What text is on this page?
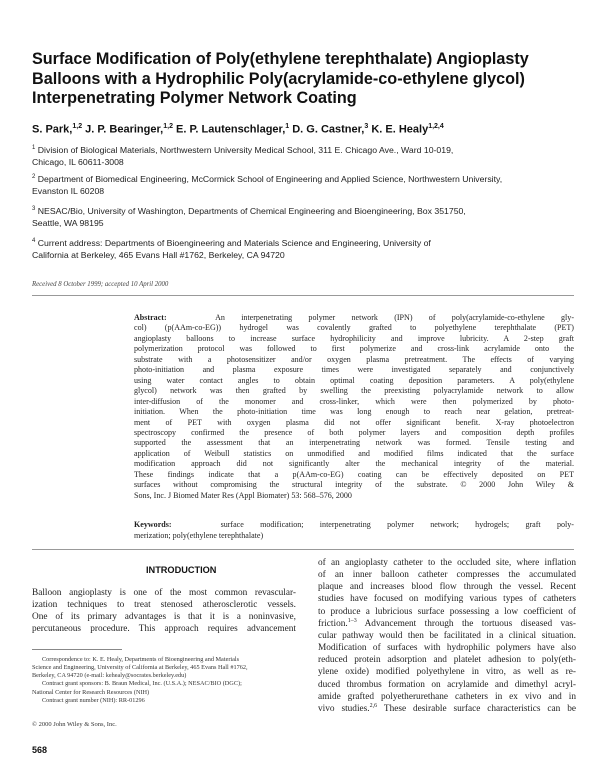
Surface Modification of Poly(ethylene terephthalate) Angioplasty
Balloons with a Hydrophilic Poly(acrylamide-co-ethylene glycol)
Interpenetrating Polymer Network Coating
S. Park,$^{1,2}$ J. P. Bearinger,$^{1,2}$ E. P. Lautenschlager,$^1$ D. G. Castner,$^3$ K. E. Healy$^{1,2,4}$
$^1$ Division of Biological Materials, Northwestern University Medical School, 311 E. Chicago Ave., Ward 10-019,
Chicago, IL 60611-3008
$^2$ Department of Biomedical Engineering, McCormick School of Engineering and Applied Science, Northwestern University,
Evanston IL 60208
$^3$ NESAC/Bio, University of Washington, Departments of Chemical Engineering and Bioengineering, Box 351750,
Seattle, WA 98195
$^4$ Current address: Departments of Bioengineering and Materials Science and Engineering, University of
California at Berkeley, 465 Evans Hall #1762, Berkeley, CA 94720
Received 8 October 1999; accepted 10 April 2000
Abstract:	An interpenetrating polymer network (IPN) of poly(acrylamide-co-ethylene gly-
col) (p(AAm-co-EG)) hydrogel was covalently grafted to polyethylene terephthalate (PET)
angioplasty balloons to increase surface hydrophilicity and improve lubricity. A 2-step graft
polymerization protocol was followed to first polymerize and cross-link acrylamide onto the
substrate with a photosensitizer and/or oxygen plasma pretreatment. The effects of varying
photo-initiation and plasma exposure times were investigated separately and conjunctively
using water contact angles to obtain optimal coating deposition parameters. A poly(ethylene
glycol) network was then grafted by swelling the preexisting polyacrylamide network to allow
inter-diffusion of the monomer and cross-linker, which were then polymerized by photo-
initiation. When the photo-initiation time was long enough to reach near gelation, pretreat-
ment of PET with oxygen plasma did not offer significant benefit. X-ray photoelectron
spectroscopy confirmed the presence of both polymer layers and composition depth profiles
supported the assessment that an interpenetrating network was formed. Tensile testing and
application of Weibull statistics on unmodified and modified films indicated that the surface
modification approach did not significantly alter the mechanical integrity of the material.
These findings indicate that a p(AAm-co-EG) coating can be effectively deposited on PET
surfaces without compromising the structural integrity of the substrate. © 2000 John Wiley &
Sons, Inc. J Biomed Mater Res (Appl Biomater) 53: 568–576, 2000
Keywords:	surface modification; interpenetrating polymer network; hydrogels; graft poly-
merization; poly(ethylene terephthalate)
INTRODUCTION
Balloon angioplasty is one of the most common revascular-
ization techniques to treat stenosed atherosclerotic vessels.
One of its primary advantages is that it is a noninvasive,
percutaneous procedure. This approach requires advancement
of an angioplasty catheter to the occluded site, where inflation
of an inner balloon catheter compresses the accumulated
plaque and increases blood flow through the vessel. Recent
studies have focused on modifying various types of catheters
to produce a lubricious surface possessing a low coefficient of
friction.$^{1-3}$ Advancement through the tortuous diseased vas-
cular pathway would then be facilitated in a clinical situation.
Modification of surfaces with hydrophilic polymers have also
reduced protein adsorption and platelet adhesion to poly(eth-
ylene oxide) modified polyethylene in vitro, as well as re-
duced thrombus formation on acrylamide and dimethyl acryl-
amide grafted polyetherurethane catheters in ex vivo and in
vivo studies.$^{2,6}$ These desirable surface characteristics can be
Correspondence to: K. E. Healy, Departments of Bioengineering and Materials
Science and Engineering, University of California at Berkeley, 465 Evans Hall #1762,
Berkeley, CA 94720 (e-mail: kehealy@socrates.berkeley.edu)
Contract grant sponsors: B. Braun Medical, Inc. (U.S.A.); NESAC/BIO (DGC);
National Center for Research Resources (NIH)
Contract grant number (NIH): RR-01296
© 2000 John Wiley & Sons, Inc.
568
